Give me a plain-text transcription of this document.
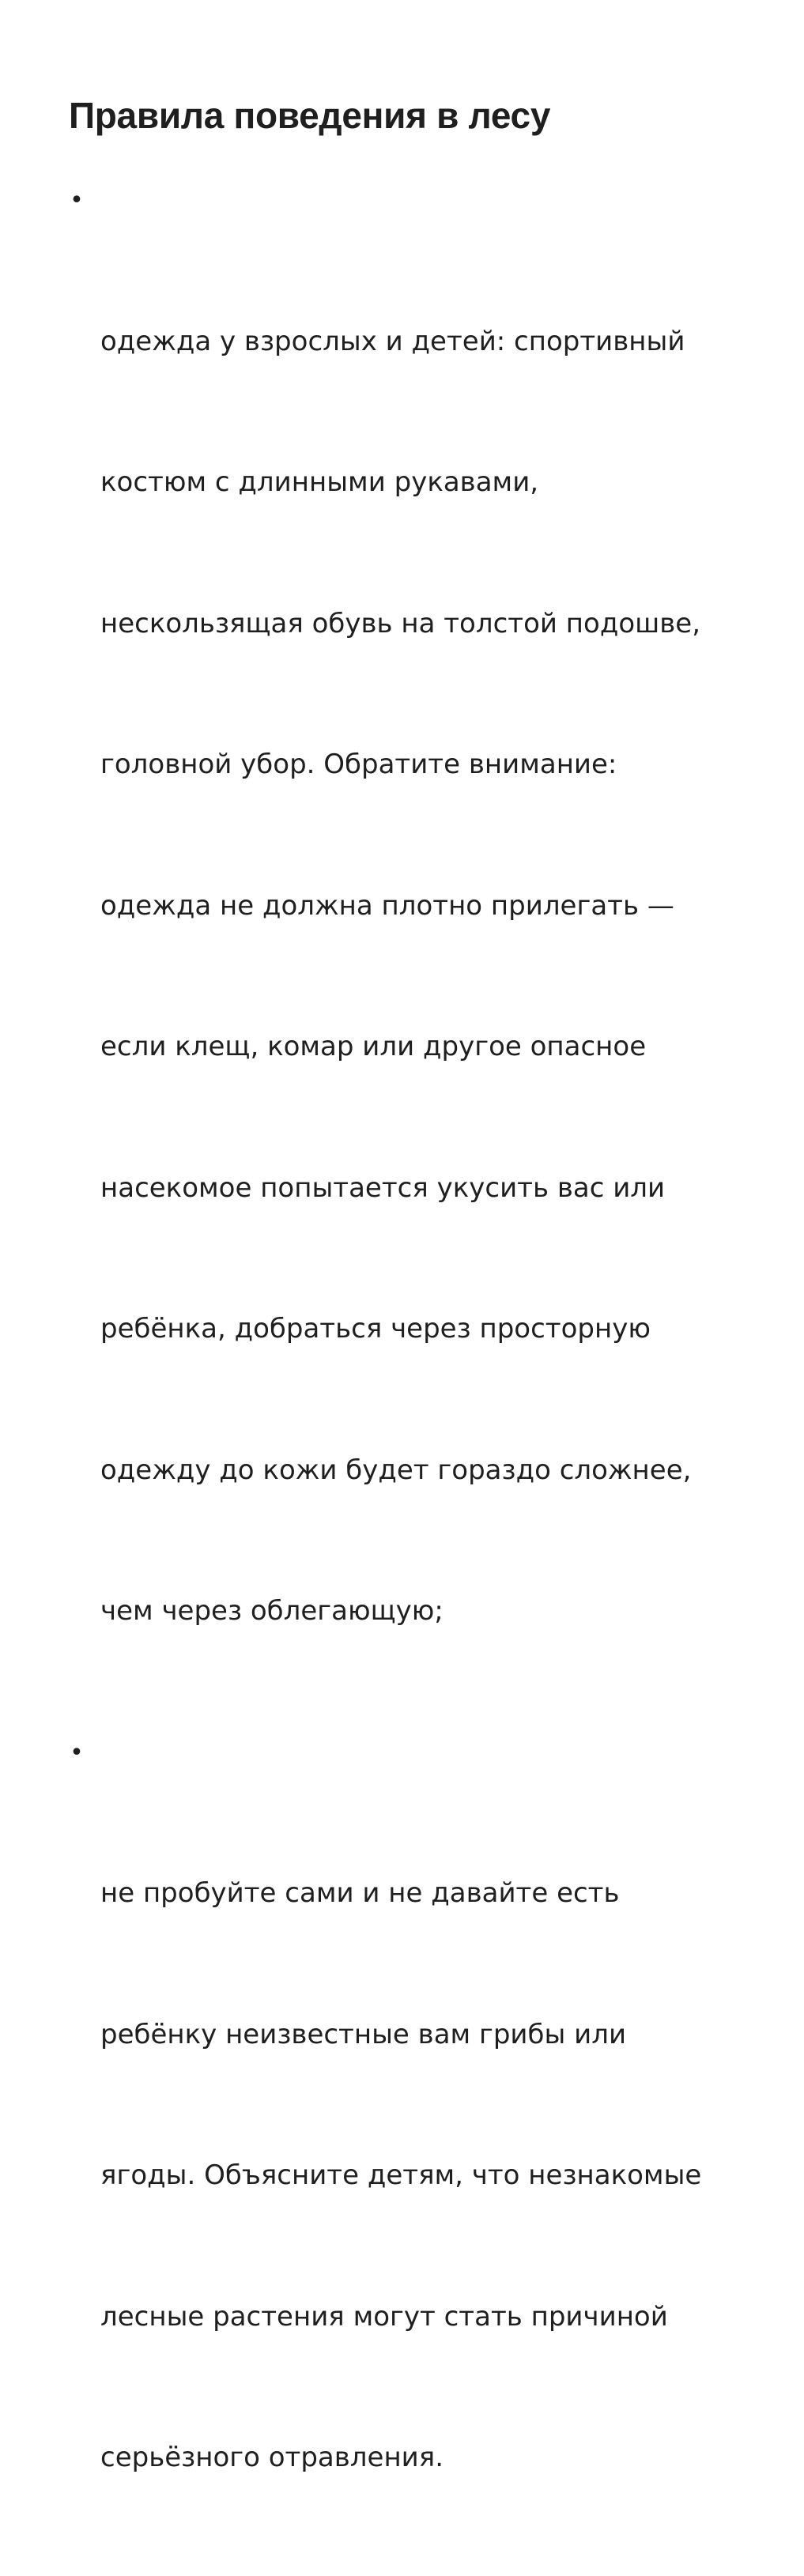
Правила поведения в лесу

•

одежда у взрослых и детей: спортивный

костюм с длинными рукавами,

нескользящая обувь на толстой подошве,

головной убор. Обратите внимание:

одежда не должна плотно прилегать —

если клещ, комар или другое опасное

насекомое попытается укусить вас или

ребёнка, добраться через просторную

одежду до кожи будет гораздо сложнее,

чем через облегающую;

•

не пробуйте сами и не давайте есть

ребёнку неизвестные вам грибы или

ягоды. Объясните детям, что незнакомые

лесные растения могут стать причиной

серьёзного отравления.
